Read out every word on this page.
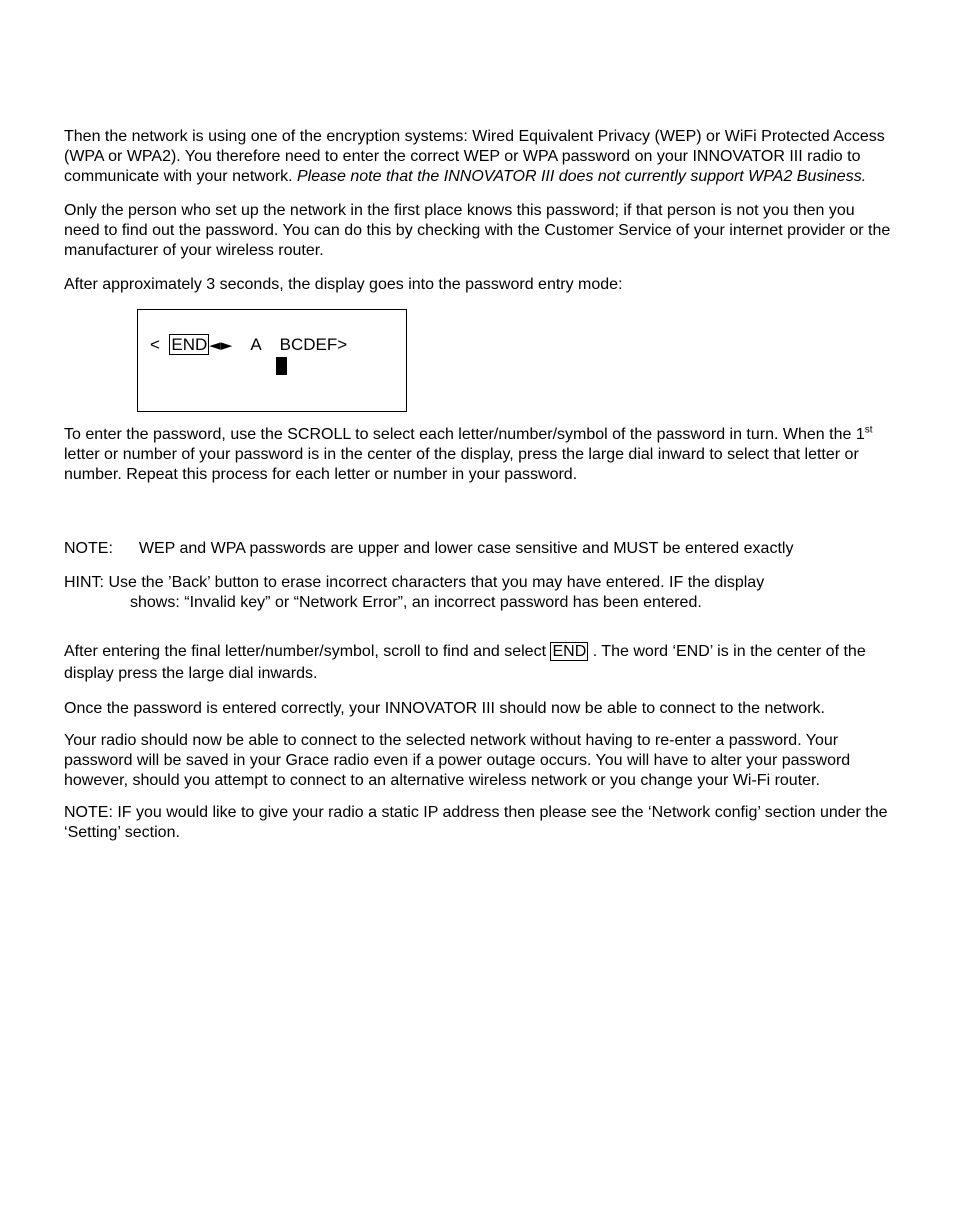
Then the network is using one of the encryption systems: Wired Equivalent Privacy (WEP) or WiFi Protected Access (WPA or WPA2). You therefore need to enter the correct WEP or WPA password on your INNOVATOR III radio to communicate with your network. Please note that the INNOVATOR III does not currently support WPA2 Business.

Only the person who set up the network in the first place knows this password; if that person is not you then you need to find out the password. You can do this by checking with the Customer Service of your internet provider or the manufacturer of your wireless router.

After approximately 3 seconds, the display goes into the password entry mode:

< END ◄► A BCDEF>

To enter the password, use the SCROLL to select each letter/number/symbol of the password in turn. When the 1st letter or number of your password is in the center of the display, press the large dial inward to select that letter or number. Repeat this process for each letter or number in your password.

NOTE: WEP and WPA passwords are upper and lower case sensitive and MUST be entered exactly

HINT: Use the ’Back’ button to erase incorrect characters that you may have entered. IF the display
shows: “Invalid key” or “Network Error”, an incorrect password has been entered.

After entering the final letter/number/symbol, scroll to find and select END . The word ‘END’ is in the center of the display press the large dial inwards.

Once the password is entered correctly, your INNOVATOR III should now be able to connect to the network.

Your radio should now be able to connect to the selected network without having to re-enter a password. Your password will be saved in your Grace radio even if a power outage occurs. You will have to alter your password however, should you attempt to connect to an alternative wireless network or you change your Wi-Fi router.

NOTE: IF you would like to give your radio a static IP address then please see the ‘Network config’ section under the ‘Setting’ section.
